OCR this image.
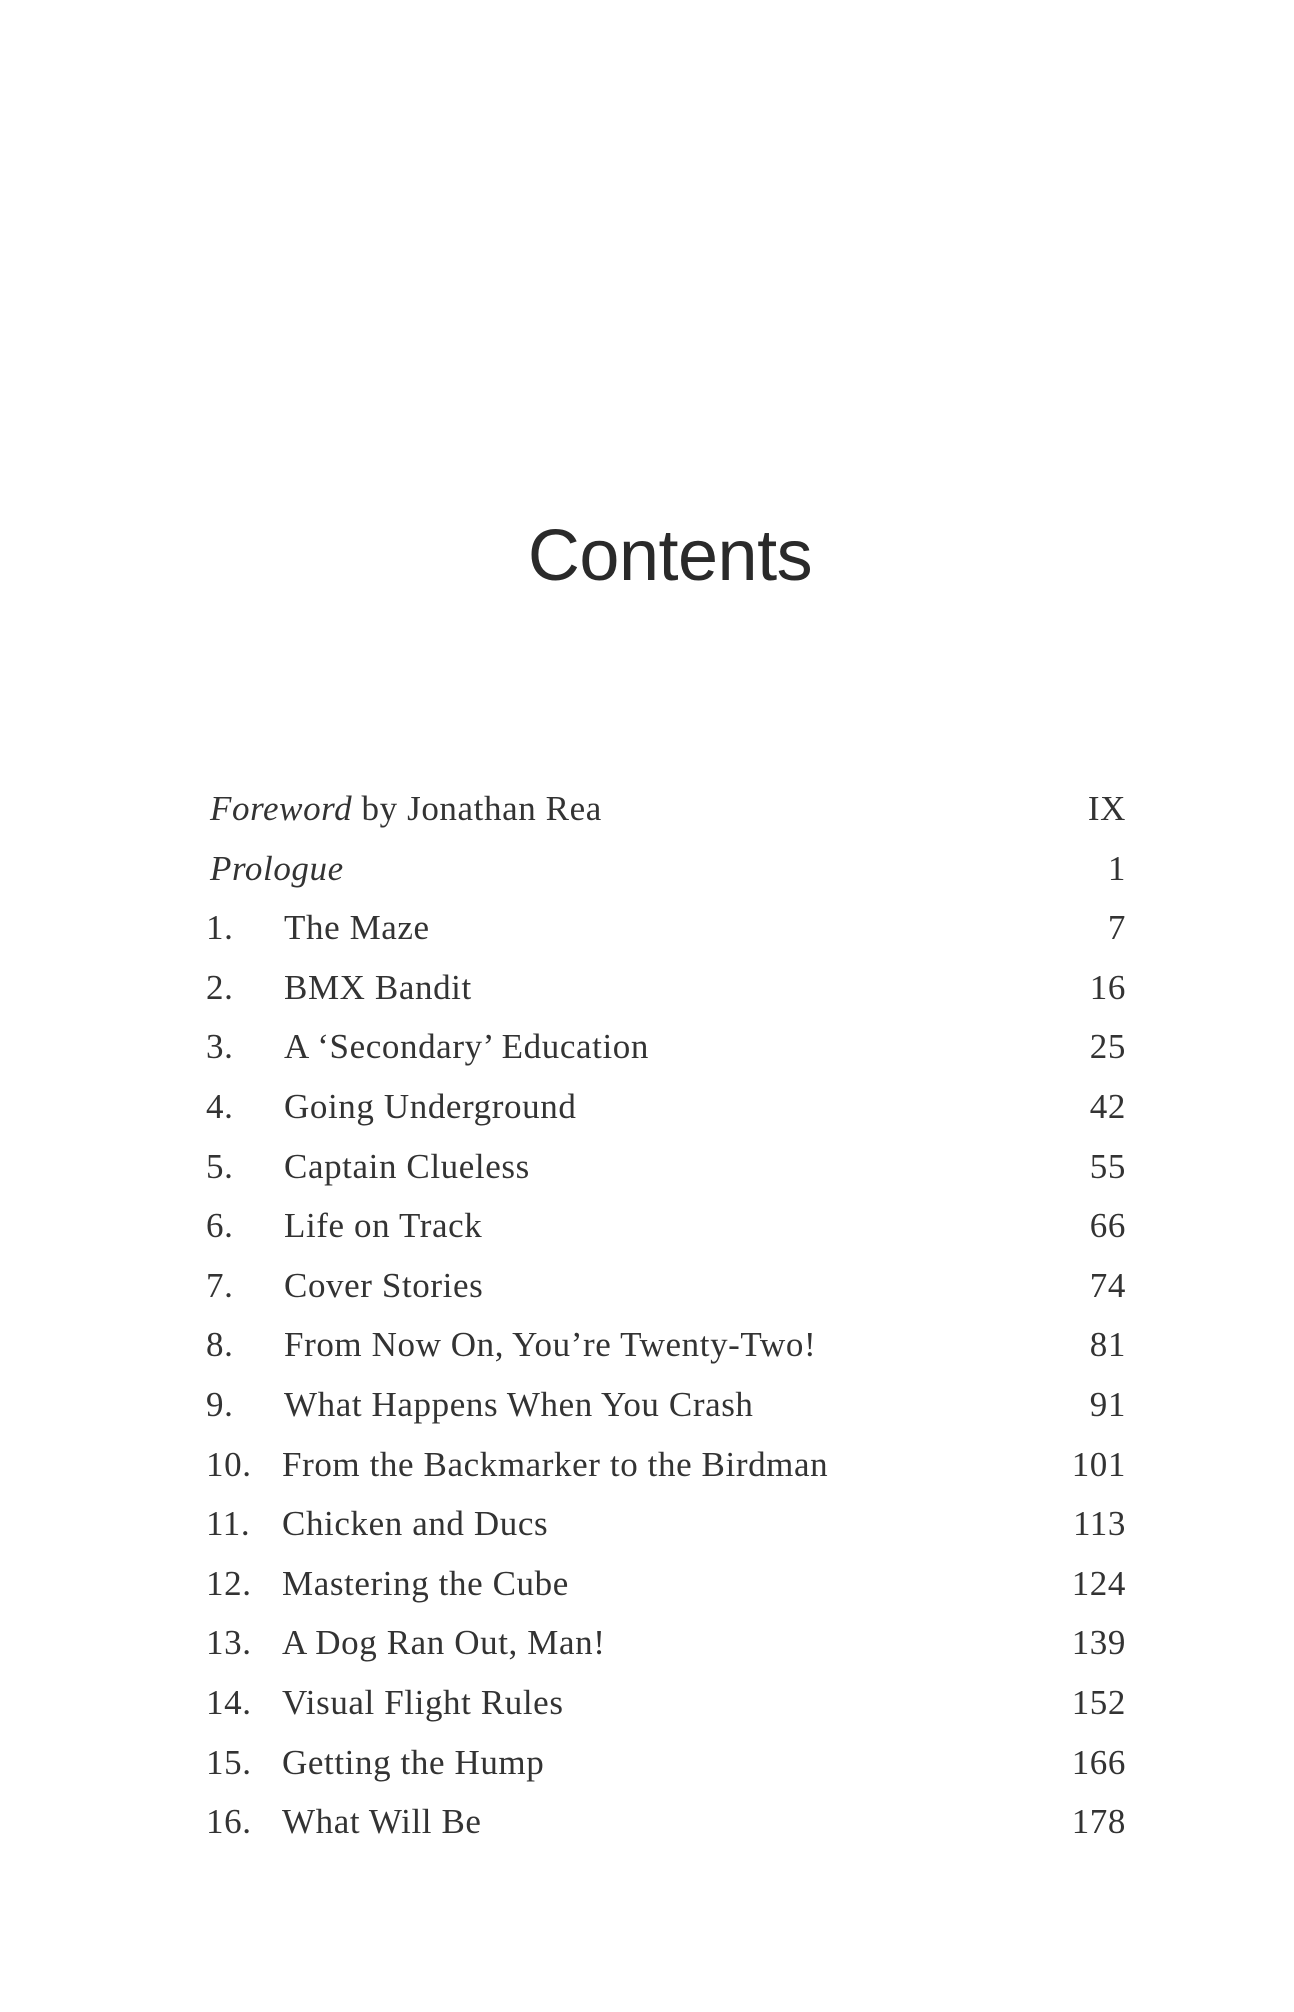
Contents
Foreword by Jonathan Rea	IX
Prologue	1
1. The Maze	7
2. BMX Bandit	16
3. A ‘Secondary’ Education	25
4. Going Underground	42
5. Captain Clueless	55
6. Life on Track	66
7. Cover Stories	74
8. From Now On, You’re Twenty-Two!	81
9. What Happens When You Crash	91
10. From the Backmarker to the Birdman	101
11. Chicken and Ducs	113
12. Mastering the Cube	124
13. A Dog Ran Out, Man!	139
14. Visual Flight Rules	152
15. Getting the Hump	166
16. What Will Be	178
